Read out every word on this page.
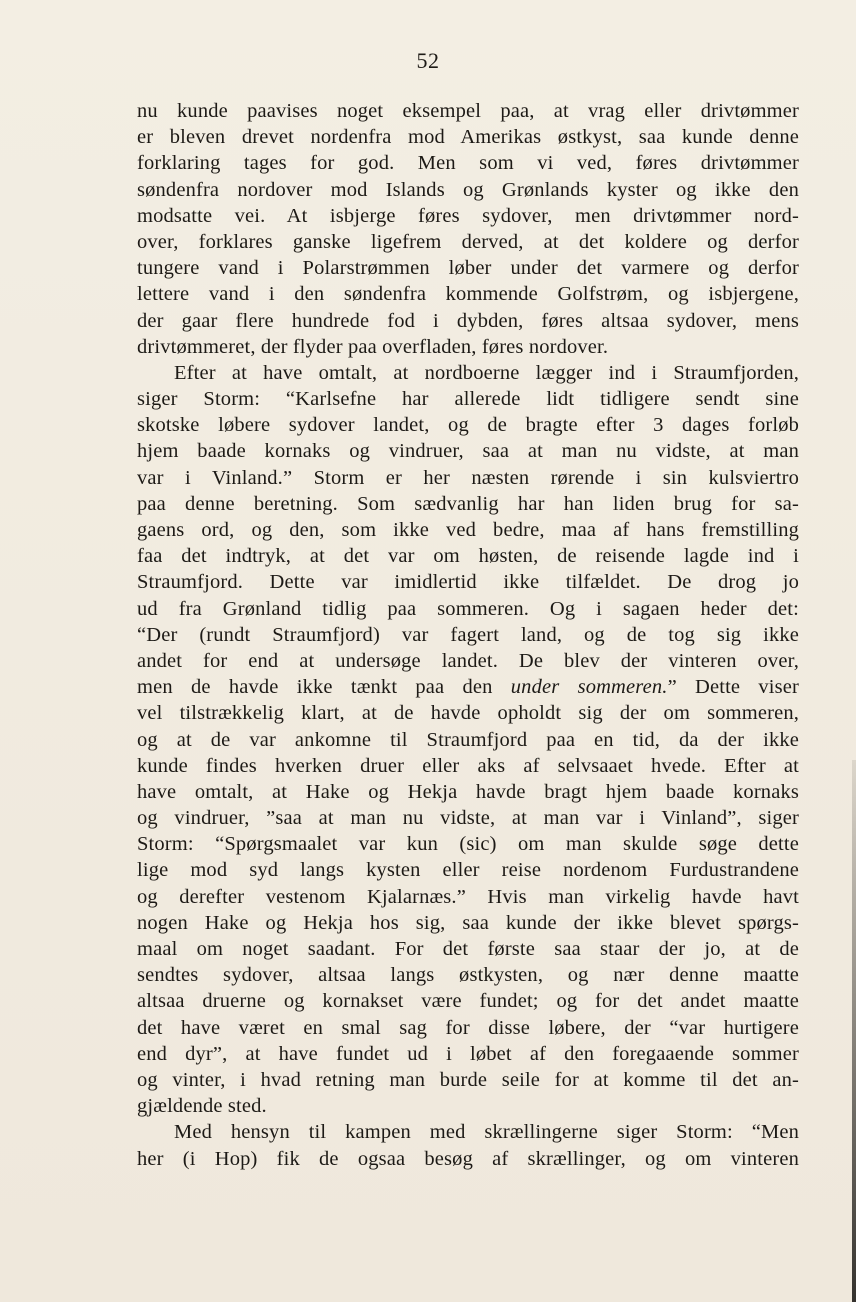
52
nu kunde paavises noget eksempel paa, at vrag eller drivtømmer
er bleven drevet nordenfra mod Amerikas østkyst, saa kunde denne
forklaring tages for god. Men som vi ved, føres drivtømmer
søndenfra nordover mod Islands og Grønlands kyster og ikke den
modsatte vei. At isbjerge føres sydover, men drivtømmer nord-
over, forklares ganske ligefrem derved, at det koldere og derfor
tungere vand i Polarstrømmen løber under det varmere og derfor
lettere vand i den søndenfra kommende Golfstrøm, og isbjergene,
der gaar flere hundrede fod i dybden, føres altsaa sydover, mens
drivtømmeret, der flyder paa overfladen, føres nordover.
Efter at have omtalt, at nordboerne lægger ind i Straumfjorden,
siger Storm: “Karlsefne har allerede lidt tidligere sendt sine
skotske løbere sydover landet, og de bragte efter 3 dages forløb
hjem baade kornaks og vindruer, saa at man nu vidste, at man
var i Vinland.” Storm er her næsten rørende i sin kulsviertro
paa denne beretning. Som sædvanlig har han liden brug for sa-
gaens ord, og den, som ikke ved bedre, maa af hans fremstilling
faa det indtryk, at det var om høsten, de reisende lagde ind i
Straumfjord. Dette var imidlertid ikke tilfældet. De drog jo
ud fra Grønland tidlig paa sommeren. Og i sagaen heder det:
“Der (rundt Straumfjord) var fagert land, og de tog sig ikke
andet for end at undersøge landet. De blev der vinteren over,
men de havde ikke tænkt paa den under sommeren.” Dette viser
vel tilstrækkelig klart, at de havde opholdt sig der om sommeren,
og at de var ankomne til Straumfjord paa en tid, da der ikke
kunde findes hverken druer eller aks af selvsaaet hvede. Efter at
have omtalt, at Hake og Hekja havde bragt hjem baade kornaks
og vindruer, ”saa at man nu vidste, at man var i Vinland”, siger
Storm: “Spørgsmaalet var kun (sic) om man skulde søge dette
lige mod syd langs kysten eller reise nordenom Furdustrandene
og derefter vestenom Kjalarnæs.” Hvis man virkelig havde havt
nogen Hake og Hekja hos sig, saa kunde der ikke blevet spørgs-
maal om noget saadant. For det første saa staar der jo, at de
sendtes sydover, altsaa langs østkysten, og nær denne maatte
altsaa druerne og kornakset være fundet; og for det andet maatte
det have været en smal sag for disse løbere, der “var hurtigere
end dyr”, at have fundet ud i løbet af den foregaaende sommer
og vinter, i hvad retning man burde seile for at komme til det an-
gjældende sted.
Med hensyn til kampen med skrællingerne siger Storm: “Men
her (i Hop) fik de ogsaa besøg af skrællinger, og om vinteren
